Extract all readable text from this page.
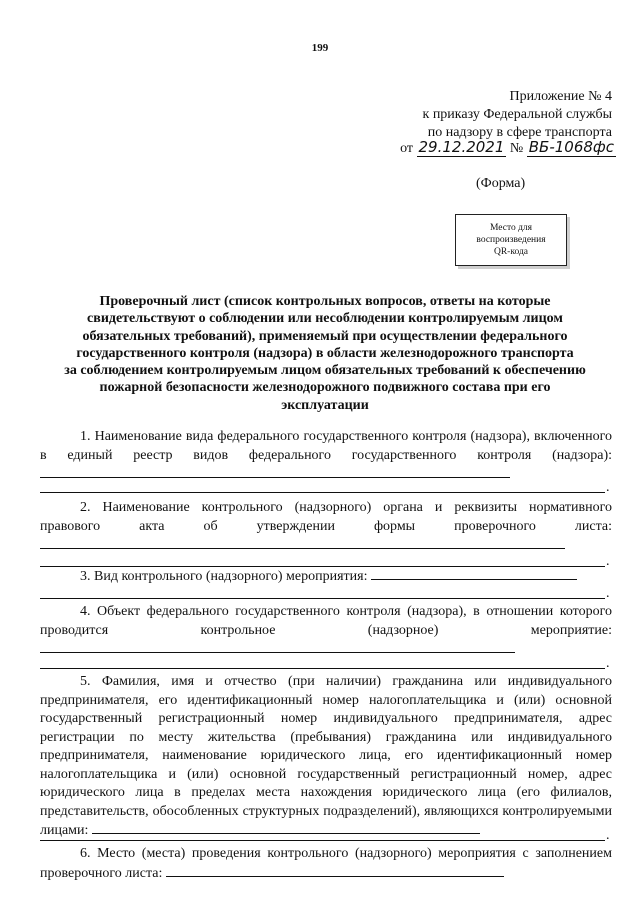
199
Приложение № 4
к приказу Федеральной службы
по надзору в сфере транспорта
от 29.12.2021 № ВБ-1068фс
(Форма)
Место для
воспроизведения
QR-кода
Проверочный лист (список контрольных вопросов, ответы на которые
свидетельствуют о соблюдении или несоблюдении контролируемым лицом
обязательных требований), применяемый при осуществлении федерального
государственного контроля (надзора) в области железнодорожного транспорта
за соблюдением контролируемым лицом обязательных требований к обеспечению
пожарной безопасности железнодорожного подвижного состава при его
эксплуатации
1. Наименование вида федерального государственного контроля (надзора), включенного в единый реестр видов федерального государственного контроля (надзора):
.
2. Наименование контрольного (надзорного) органа и реквизиты нормативного правового акта об утверждении формы проверочного листа:
.
3. Вид контрольного (надзорного) мероприятия:
.
4. Объект федерального государственного контроля (надзора), в отношении которого проводится контрольное (надзорное) мероприятие:
.
5. Фамилия, имя и отчество (при наличии) гражданина или индивидуального предпринимателя, его идентификационный номер налогоплательщика и (или) основной государственный регистрационный номер индивидуального предпринимателя, адрес регистрации по месту жительства (пребывания) гражданина или индивидуального предпринимателя, наименование юридического лица, его идентификационный номер налогоплательщика и (или) основной государственный регистрационный номер, адрес юридического лица в пределах места нахождения юридического лица (его филиалов, представительств, обособленных структурных подразделений), являющихся контролируемыми лицами:	.
6. Место (места) проведения контрольного (надзорного) мероприятия с заполнением проверочного листа:
